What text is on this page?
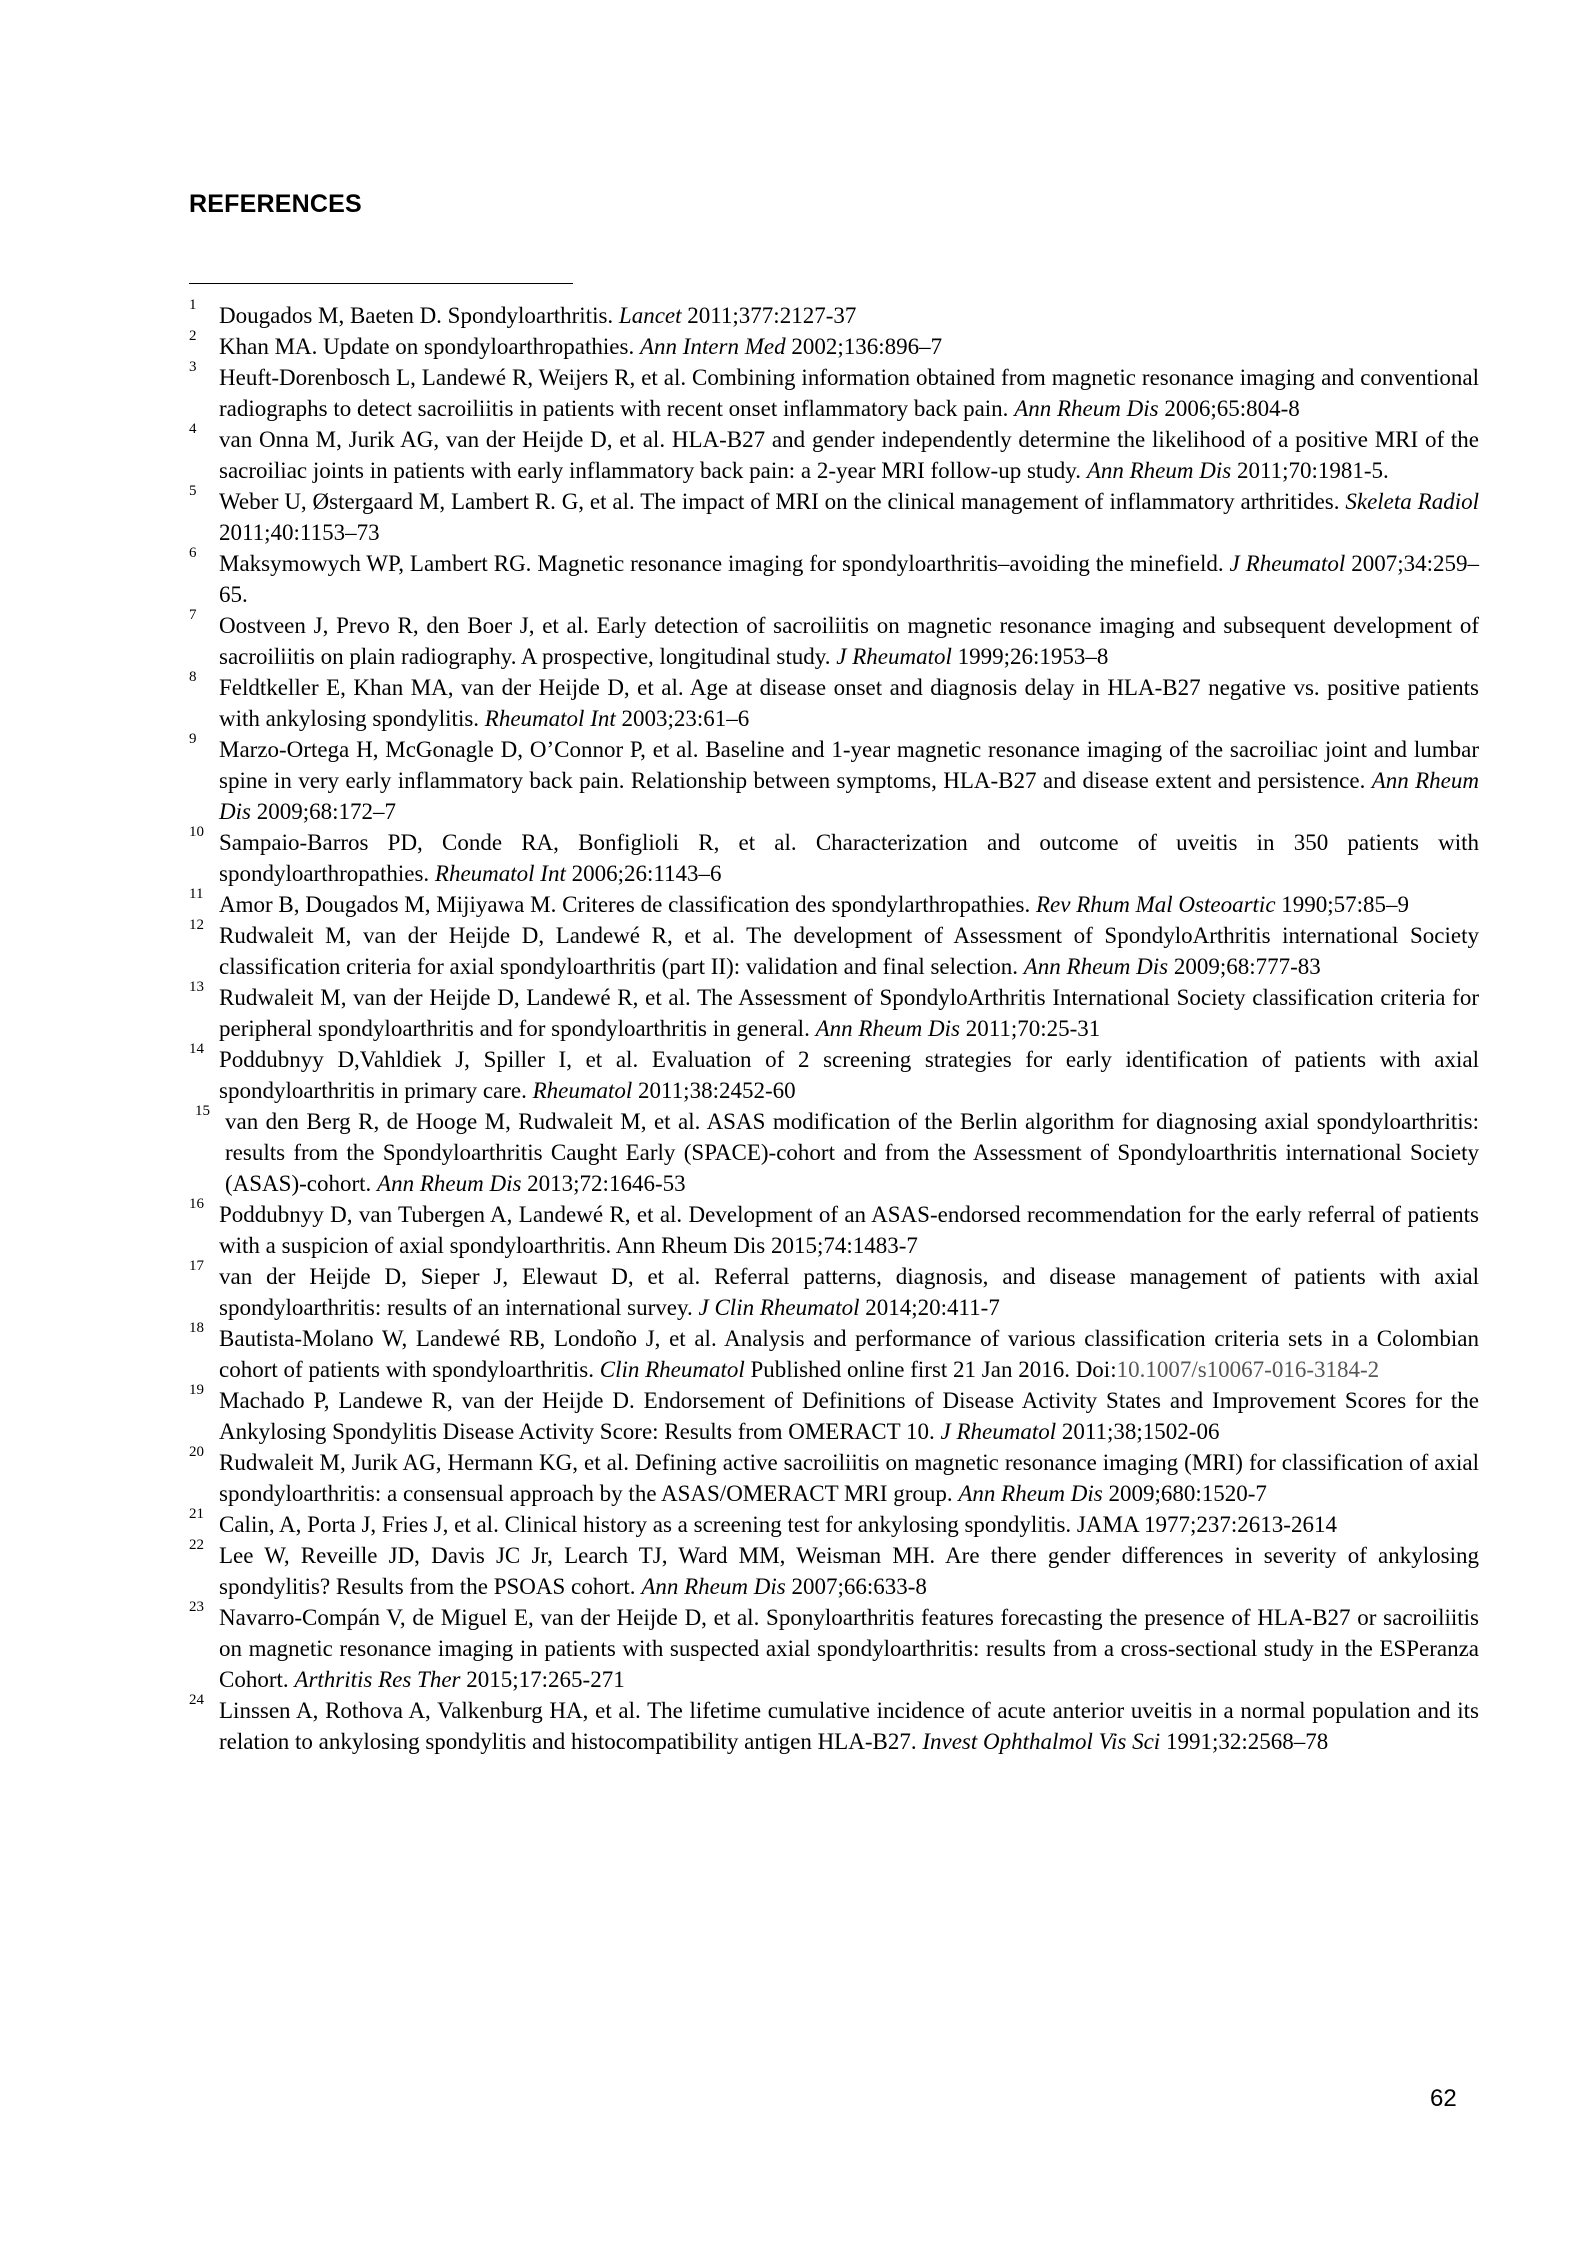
REFERENCES
1 Dougados M, Baeten D. Spondyloarthritis. Lancet 2011;377:2127-37
2 Khan MA. Update on spondyloarthropathies. Ann Intern Med 2002;136:896–7
3 Heuft-Dorenbosch L, Landewé R, Weijers R, et al. Combining information obtained from magnetic resonance imaging and conventional radiographs to detect sacroiliitis in patients with recent onset inflammatory back pain. Ann Rheum Dis 2006;65:804-8
4 van Onna M, Jurik AG, van der Heijde D, et al. HLA-B27 and gender independently determine the likelihood of a positive MRI of the sacroiliac joints in patients with early inflammatory back pain: a 2-year MRI follow-up study. Ann Rheum Dis 2011;70:1981-5.
5 Weber U, Østergaard M, Lambert R. G, et al. The impact of MRI on the clinical management of inflammatory arthritides. Skeleta Radiol 2011;40:1153–73
6 Maksymowych WP, Lambert RG. Magnetic resonance imaging for spondyloarthritis–avoiding the minefield. J Rheumatol 2007;34:259–65.
7 Oostveen J, Prevo R, den Boer J, et al. Early detection of sacroiliitis on magnetic resonance imaging and subsequent development of sacroiliitis on plain radiography. A prospective, longitudinal study. J Rheumatol 1999;26:1953–8
8 Feldtkeller E, Khan MA, van der Heijde D, et al. Age at disease onset and diagnosis delay in HLA-B27 negative vs. positive patients with ankylosing spondylitis. Rheumatol Int 2003;23:61–6
9 Marzo-Ortega H, McGonagle D, O’Connor P, et al. Baseline and 1-year magnetic resonance imaging of the sacroiliac joint and lumbar spine in very early inflammatory back pain. Relationship between symptoms, HLA-B27 and disease extent and persistence. Ann Rheum Dis 2009;68:172–7
10 Sampaio-Barros PD, Conde RA, Bonfiglioli R, et al. Characterization and outcome of uveitis in 350 patients with spondyloarthropathies. Rheumatol Int 2006;26:1143–6
11 Amor B, Dougados M, Mijiyawa M. Criteres de classification des spondylarthropathies. Rev Rhum Mal Osteoartic 1990;57:85–9
12 Rudwaleit M, van der Heijde D, Landewé R, et al. The development of Assessment of SpondyloArthritis international Society classification criteria for axial spondyloarthritis (part II): validation and final selection. Ann Rheum Dis 2009;68:777-83
13 Rudwaleit M, van der Heijde D, Landewé R, et al. The Assessment of SpondyloArthritis International Society classification criteria for peripheral spondyloarthritis and for spondyloarthritis in general. Ann Rheum Dis 2011;70:25-31
14 Poddubnyy D,Vahldiek J, Spiller I, et al. Evaluation of 2 screening strategies for early identification of patients with axial spondyloarthritis in primary care. Rheumatol 2011;38:2452-60
15 van den Berg R, de Hooge M, Rudwaleit M, et al. ASAS modification of the Berlin algorithm for diagnosing axial spondyloarthritis: results from the Spondyloarthritis Caught Early (SPACE)-cohort and from the Assessment of Spondyloarthritis international Society (ASAS)-cohort. Ann Rheum Dis 2013;72:1646-53
16 Poddubnyy D, van Tubergen A, Landewé R, et al. Development of an ASAS-endorsed recommendation for the early referral of patients with a suspicion of axial spondyloarthritis. Ann Rheum Dis 2015;74:1483-7
17 van der Heijde D, Sieper J, Elewaut D, et al. Referral patterns, diagnosis, and disease management of patients with axial spondyloarthritis: results of an international survey. J Clin Rheumatol 2014;20:411-7
18 Bautista-Molano W, Landewé RB, Londoño J, et al. Analysis and performance of various classification criteria sets in a Colombian cohort of patients with spondyloarthritis. Clin Rheumatol Published online first 21 Jan 2016. Doi:10.1007/s10067-016-3184-2
19 Machado P, Landewe R, van der Heijde D. Endorsement of Definitions of Disease Activity States and Improvement Scores for the Ankylosing Spondylitis Disease Activity Score: Results from OMERACT 10. J Rheumatol 2011;38;1502-06
20 Rudwaleit M, Jurik AG, Hermann KG, et al. Defining active sacroiliitis on magnetic resonance imaging (MRI) for classification of axial spondyloarthritis: a consensual approach by the ASAS/OMERACT MRI group. Ann Rheum Dis 2009;680:1520-7
21 Calin, A, Porta J, Fries J, et al. Clinical history as a screening test for ankylosing spondylitis. JAMA 1977;237:2613-2614
22 Lee W, Reveille JD, Davis JC Jr, Learch TJ, Ward MM, Weisman MH. Are there gender differences in severity of ankylosing spondylitis? Results from the PSOAS cohort. Ann Rheum Dis 2007;66:633-8
23 Navarro-Compán V, de Miguel E, van der Heijde D, et al. Sponyloarthritis features forecasting the presence of HLA-B27 or sacroiliitis on magnetic resonance imaging in patients with suspected axial spondyloarthritis: results from a cross-sectional study in the ESPeranza Cohort. Arthritis Res Ther 2015;17:265-271
24 Linssen A, Rothova A, Valkenburg HA, et al. The lifetime cumulative incidence of acute anterior uveitis in a normal population and its relation to ankylosing spondylitis and histocompatibility antigen HLA-B27. Invest Ophthalmol Vis Sci 1991;32:2568–78
62
